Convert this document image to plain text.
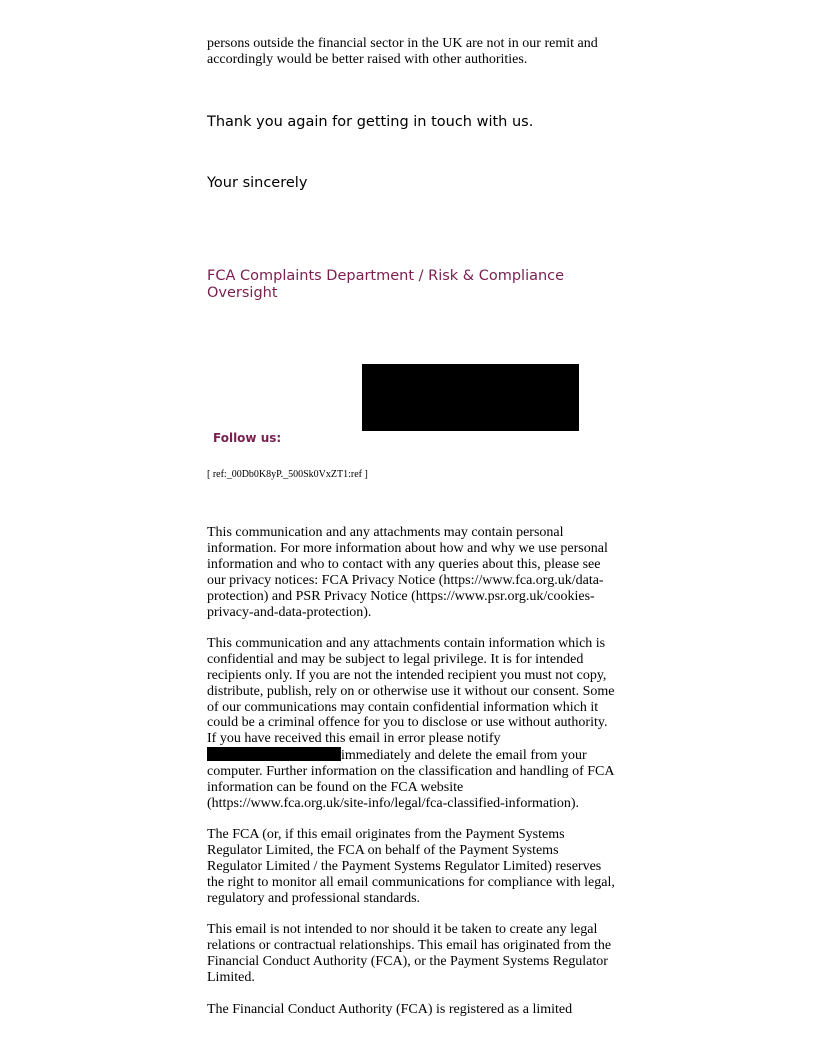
persons outside the financial sector in the UK are not in our remit and accordingly would be better raised with other authorities.
Thank you again for getting in touch with us.
Your sincerely
FCA Complaints Department / Risk & Compliance Oversight
Follow us:
[ ref:_00Db0K8yP._500Sk0VxZT1:ref ]

This communication and any attachments may contain personal information. For more information about how and why we use personal information and who to contact with any queries about this, please see our privacy notices: FCA Privacy Notice (https://www.fca.org.uk/data-protection) and PSR Privacy Notice (https://www.psr.org.uk/cookies-privacy-and-data-protection).

This communication and any attachments contain information which is confidential and may be subject to legal privilege. It is for intended recipients only. If you are not the intended recipient you must not copy, distribute, publish, rely on or otherwise use it without our consent. Some of our communications may contain confidential information which it could be a criminal offence for you to disclose or use without authority. If you have received this email in error please notify
immediately and delete the email from your computer. Further information on the classification and handling of FCA information can be found on the FCA website (https://www.fca.org.uk/site-info/legal/fca-classified-information).

The FCA (or, if this email originates from the Payment Systems Regulator Limited, the FCA on behalf of the Payment Systems Regulator Limited / the Payment Systems Regulator Limited) reserves the right to monitor all email communications for compliance with legal, regulatory and professional standards.

This email is not intended to nor should it be taken to create any legal relations or contractual relationships. This email has originated from the Financial Conduct Authority (FCA), or the Payment Systems Regulator Limited.

The Financial Conduct Authority (FCA) is registered as a limited
